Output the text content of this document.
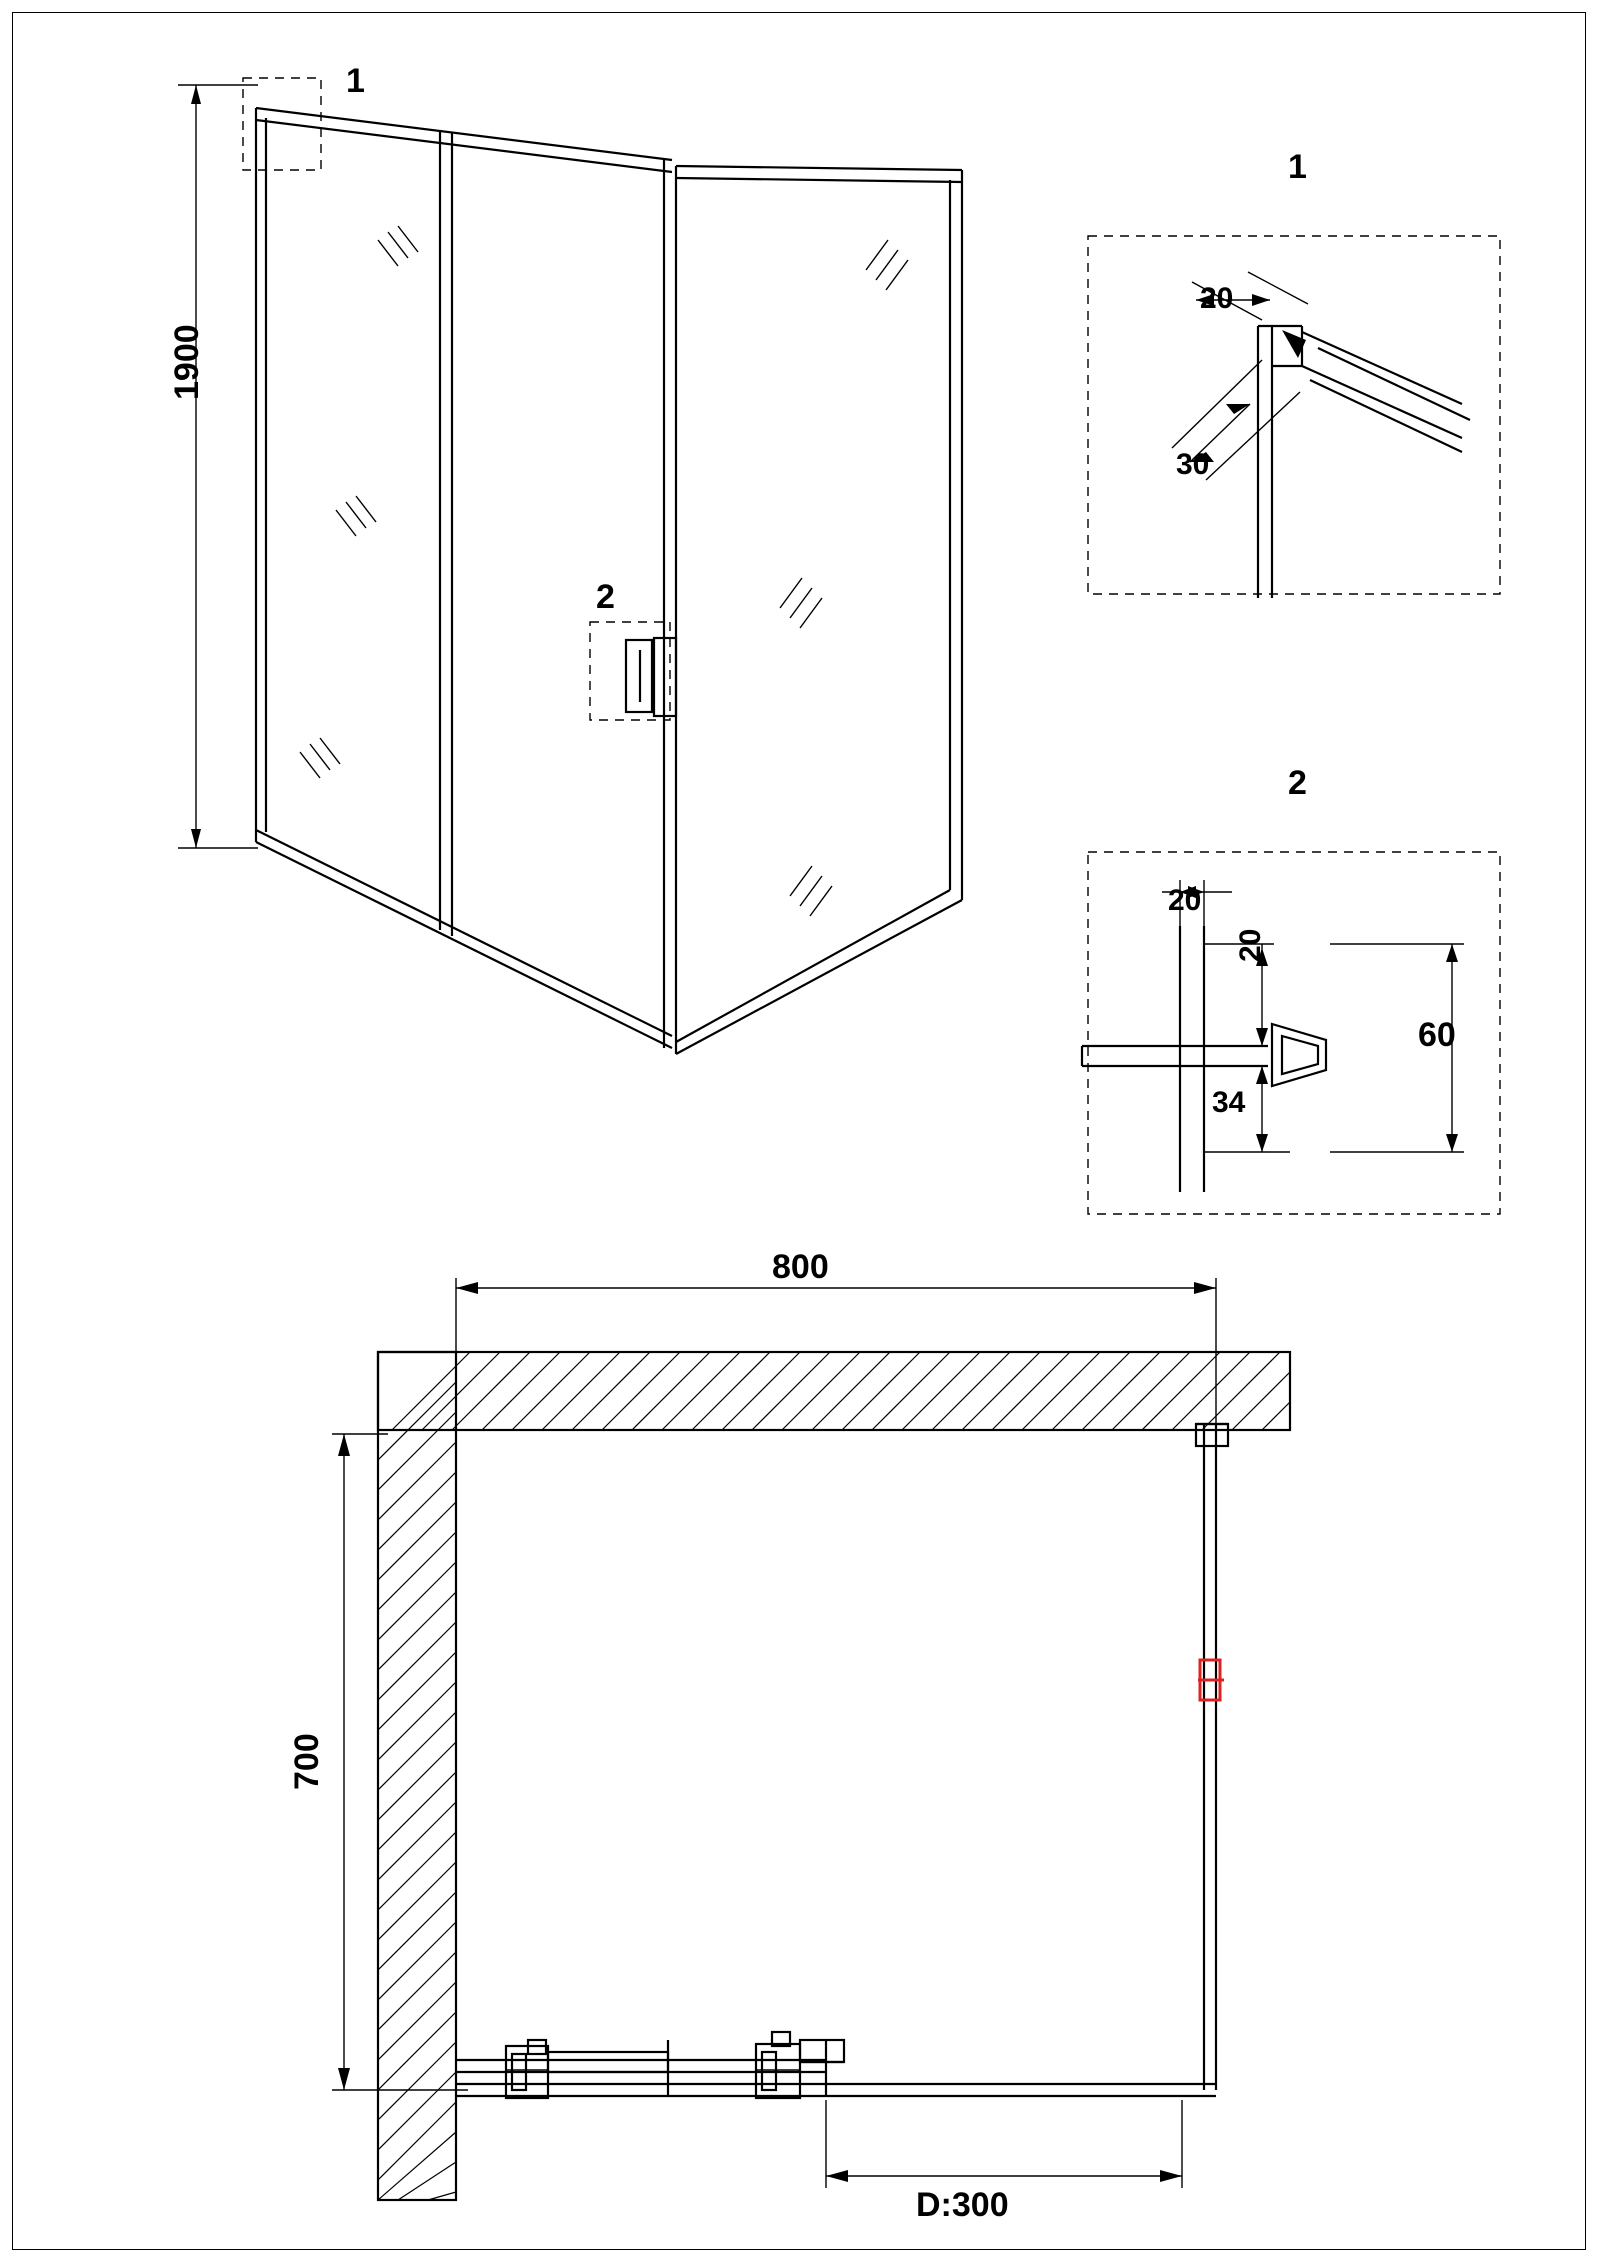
1
2
1900
1
20
30
2
20
20
34
60
800
700
D:300
